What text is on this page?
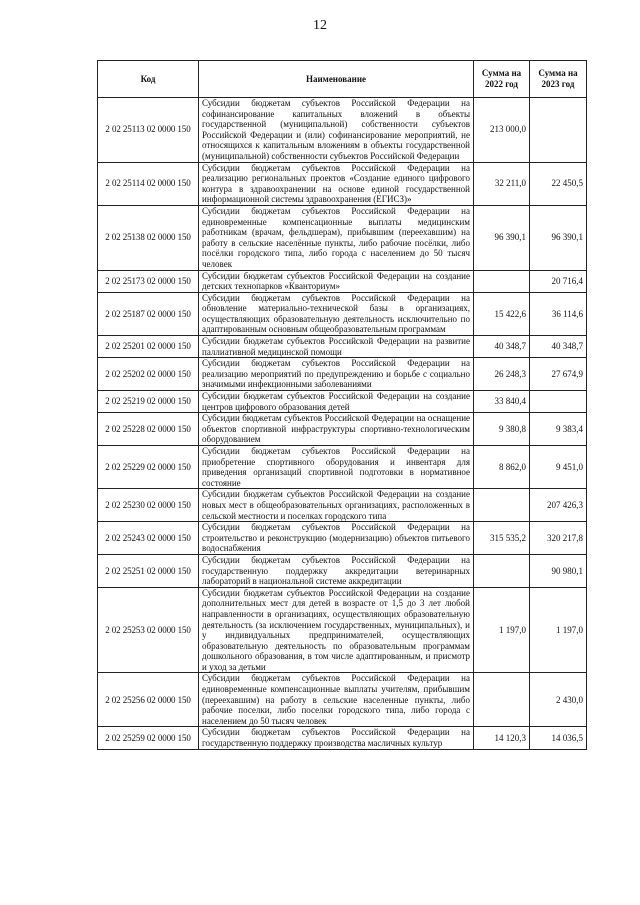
12
Код	Наименование	Сумма на 2022 год	Сумма на 2023 год
2 02 25113 02 0000 150	Субсидии бюджетам субъектов Российской Федерации на софинансирование капитальных вложений в объекты государственной (муниципальной) собственности субъектов Российской Федерации и (или) софинансирование мероприятий, не относящихся к капитальным вложениям в объекты государственной (муниципальной) собственности субъектов Российской Федерации	213 000,0	
2 02 25114 02 0000 150	Субсидии бюджетам субъектов Российской Федерации на реализацию региональных проектов «Создание единого цифрового контура в здравоохранении на основе единой государственной информационной системы здравоохранения (ЕГИСЗ)»	32 211,0	22 450,5
2 02 25138 02 0000 150	Субсидии бюджетам субъектов Российской Федерации на единовременные компенсационные выплаты медицинским работникам (врачам, фельдшерам), прибывшим (переехавшим) на работу в сельские населённые пункты, либо рабочие посёлки, либо посёлки городского типа, либо города с населением до 50 тысяч человек	96 390,1	96 390,1
2 02 25173 02 0000 150	Субсидии бюджетам субъектов Российской Федерации на создание детских технопарков «Кванториум»		20 716,4
2 02 25187 02 0000 150	Субсидии бюджетам субъектов Российской Федерации на обновление материально-технической базы в организациях, осуществляющих образовательную деятельность исключительно по адаптированным основным общеобразовательным программам	15 422,6	36 114,6
2 02 25201 02 0000 150	Субсидии бюджетам субъектов Российской Федерации на развитие паллиативной медицинской помощи	40 348,7	40 348,7
2 02 25202 02 0000 150	Субсидии бюджетам субъектов Российской Федерации на реализацию мероприятий по предупреждению и борьбе с социально значимыми инфекционными заболеваниями	26 248,3	27 674,9
2 02 25219 02 0000 150	Субсидии бюджетам субъектов Российской Федерации на создание центров цифрового образования детей	33 840,4	
2 02 25228 02 0000 150	Субсидии бюджетам субъектов Российской Федерации на оснащение объектов спортивной инфраструктуры спортивно-технологическим оборудованием	9 380,8	9 383,4
2 02 25229 02 0000 150	Субсидии бюджетам субъектов Российской Федерации на приобретение спортивного оборудования и инвентаря для приведения организаций спортивной подготовки в нормативное состояние	8 862,0	9 451,0
2 02 25230 02 0000 150	Субсидии бюджетам субъектов Российской Федерации на создание новых мест в общеобразовательных организациях, расположенных в сельской местности и поселках городского типа		207 426,3
2 02 25243 02 0000 150	Субсидии бюджетам субъектов Российской Федерации на строительство и реконструкцию (модернизацию) объектов питьевого водоснабжения	315 535,2	320 217,8
2 02 25251 02 0000 150	Субсидии бюджетам субъектов Российской Федерации на государственную поддержку аккредитации ветеринарных лабораторий в национальной системе аккредитации		90 980,1
2 02 25253 02 0000 150	Субсидии бюджетам субъектов Российской Федерации на создание дополнительных мест для детей в возрасте от 1,5 до 3 лет любой направленности в организациях, осуществляющих образовательную деятельность (за исключением государственных, муниципальных), и у индивидуальных предпринимателей, осуществляющих образовательную деятельность по образовательным программам дошкольного образования, в том числе адаптированным, и присмотр и уход за детьми	1 197,0	1 197,0
2 02 25256 02 0000 150	Субсидии бюджетам субъектов Российской Федерации на единовременные компенсационные выплаты учителям, прибывшим (переехавшим) на работу в сельские населенные пункты, либо рабочие поселки, либо поселки городского типа, либо города с населением до 50 тысяч человек		2 430,0
2 02 25259 02 0000 150	Субсидии бюджетам субъектов Российской Федерации на государственную поддержку производства масличных культур	14 120,3	14 036,5
